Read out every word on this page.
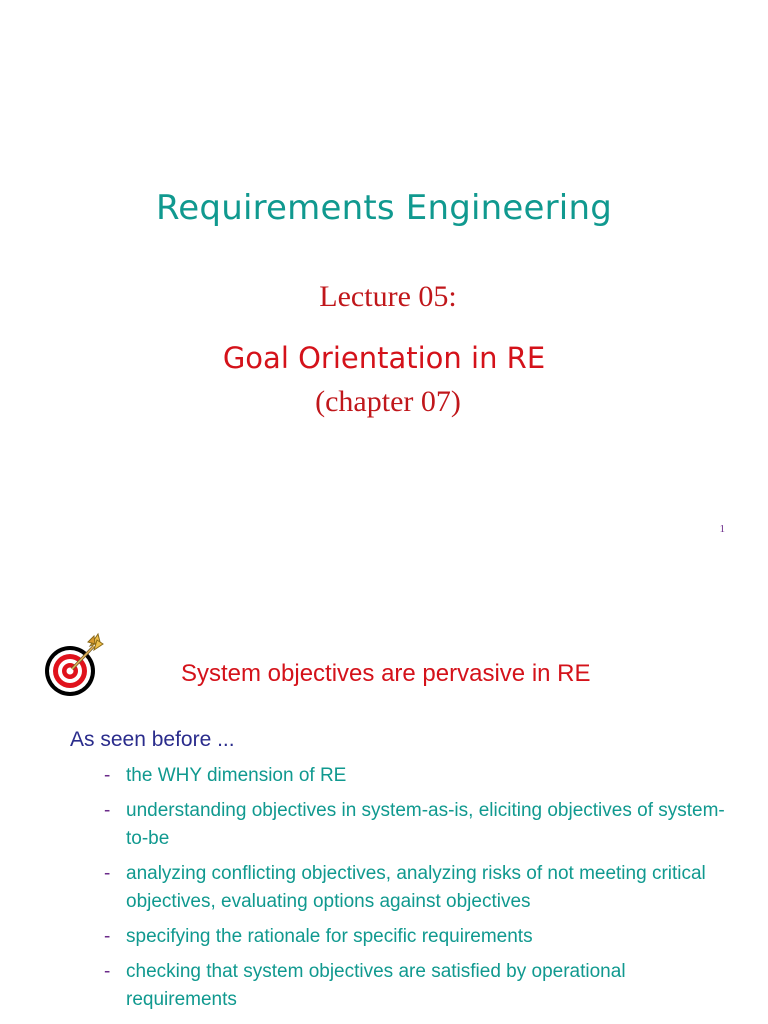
Requirements Engineering
Lecture 05:
Goal Orientation in RE
(chapter 07)
1
System objectives are pervasive in RE
As seen before ...
- the WHY dimension of RE
- understanding objectives in system-as-is, eliciting objectives of system-to-be
- analyzing conflicting objectives, analyzing risks of not meeting critical objectives, evaluating options against objectives
- specifying the rationale for specific requirements
- checking that system objectives are satisfied by operational requirements
